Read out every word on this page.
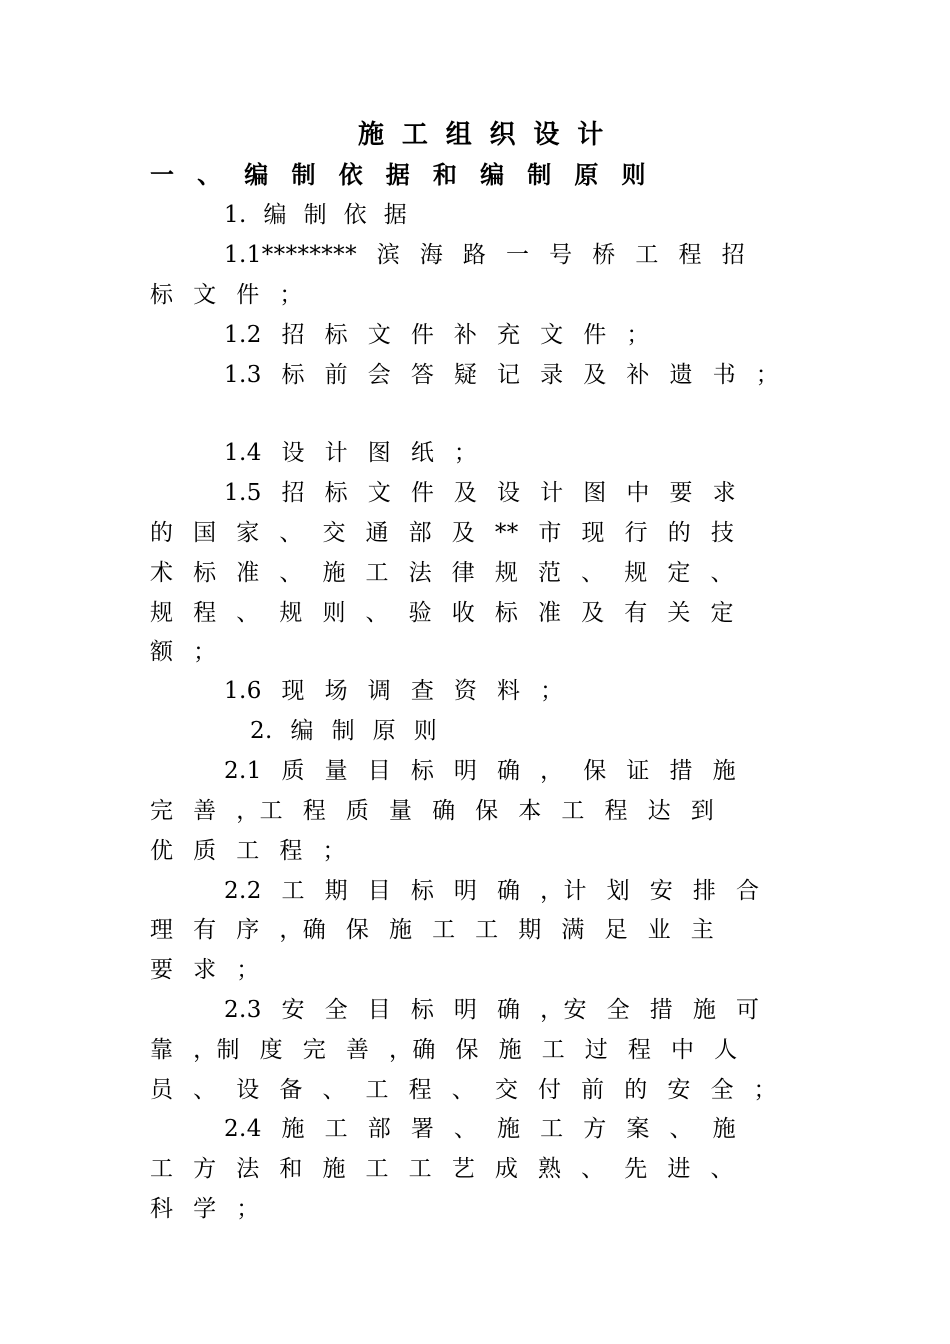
施 工 组 织 设 计
一 、 编 制 依 据 和 编 制 原 则
1. 编 制 依 据
1.1******** 滨 海 路 一 号 桥 工 程 招
标 文 件 ；
1.2 招 标 文 件 补 充 文 件 ；
1.3 标 前 会 答 疑 记 录 及 补 遗 书 ；
1.4 设 计 图 纸 ；
1.5 招 标 文 件 及 设 计 图 中 要 求
的 国 家 、 交 通 部 及 ** 市 现 行 的 技
术 标 准 、 施 工 法 律 规 范 、 规 定 、
规 程 、 规 则 、 验 收 标 准 及 有 关 定
额 ；
1.6 现 场 调 查 资 料 ；
2. 编 制 原 则
2.1 质 量 目 标 明 确 ， 保 证 措 施
完 善 ，工 程 质 量 确 保 本 工 程 达 到
优 质 工 程 ；
2.2 工 期 目 标 明 确 ，计 划 安 排 合
理 有 序 ，确 保 施 工 工 期 满 足 业 主
要 求 ；
2.3 安 全 目 标 明 确 ，安 全 措 施 可
靠 ，制 度 完 善 ，确 保 施 工 过 程 中 人
员 、 设 备 、 工 程 、 交 付 前 的 安 全 ；
2.4 施 工 部 署 、 施 工 方 案 、 施
工 方 法 和 施 工 工 艺 成 熟 、 先 进 、
科 学 ；
